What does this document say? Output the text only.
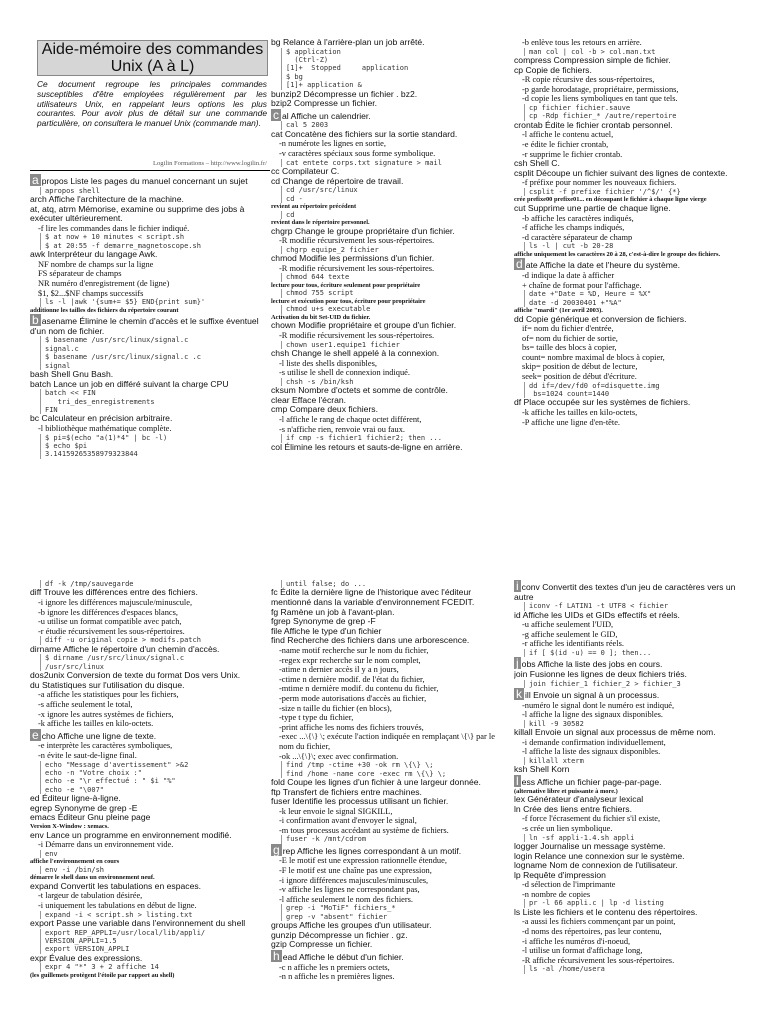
Aide-mémoire des commandes Unix (A à L)
Ce document regroupe les principales commandes susceptibles d'être employées régulièrement par les utilisateurs Unix, en rappelant leurs options les plus courantes. Pour avoir plus de détail sur une commande particulière, on consultera le manuel Unix (commande man).
Logilin Formations – http://www.logilin.fr/
a propos Liste les pages du manuel concernant un sujet
apropos shell
arch Affiche l'architecture de la machine.
at, atq, atrm Mémorise, examine ou supprime des jobs à exécuter ultérieurement.
-f lire les commandes dans le fichier indiqué.
$ at now + 10 minutes < script.sh
$ at 20:55 -f demarre_magnetoscope.sh
awk Interpréteur du langage Awk.
NF nombre de champs sur la ligne
FS séparateur de champs
NR numéro d'enregistrement (de ligne)
$1, $2...$NF champs successifs
ls -l |awk '{sum+= $5} END{print sum}'
additionne les tailles des fichiers du répertoire courant
b asename Élimine le chemin d'accès et le suffixe éventuel d'un nom de fichier.
$ basename /usr/src/linux/signal.c
signal.c
$ basename /usr/src/linux/signal.c .c
signal
bash Shell Gnu Bash.
batch Lance un job en différé suivant la charge CPU
batch << FIN
tri_des_enregistrements
FIN
bc Calculateur en précision arbitraire.
-l bibliothèque mathématique complète.
$ pi=$(echo "a(1)*4" | bc -l)
$ echo $pi
3.14159265358979323844
bg Relance à l'arrière-plan un job arrêté.
$ application
(Ctrl-Z)
[1]+  Stopped     application
$ bg
[1]+ application &
bunzip2 Décompresse un fichier . bz2.
bzip2 Compresse un fichier.
c al Affiche un calendrier.
cal 5 2003
cat Concatène des fichiers sur la sortie standard.
-n numérote les lignes en sortie,
-v caractères spéciaux sous forme symbolique.
cat entete corps.txt signature > mail
cc Compilateur C.
cd Change de répertoire de travail.
cd /usr/src/linux
cd -
revient au répertoire précédent
cd
revient dans le répertoire personnel.
chgrp Change le groupe propriétaire d'un fichier.
-R modifie récursivement les sous-répertoires.
chgrp equipe_2 fichier
chmod Modifie les permissions d'un fichier.
-R modifie récursivement les sous-répertoires.
chmod 644 texte
lecture pour tous, écriture seulement pour propriétaire
chmod 755 script
lecture et exécution pour tous, écriture pour propriétaire
chmod u+s executable
Activation du bit Set-UID du fichier.
chown Modifie propriétaire et groupe d'un fichier.
-R modifie récursivement les sous-répertoires.
chown user1.equipe1 fichier
chsh Change le shell appelé à la connexion.
-l liste des shells disponibles,
-s utilise le shell de connexion indiqué.
chsh -s /bin/ksh
cksum Nombre d'octets et somme de contrôle.
clear Efface l'écran.
cmp Compare deux fichiers.
-l affiche le rang de chaque octet différent,
-s n'affiche rien, renvoie vrai ou faux.
if cmp -s fichier1 fichier2; then ...
col Élimine les retours et sauts-de-ligne en arrière.
-b enlève tous les retours en arrière.
man col | col -b > col.man.txt
compress Compression simple de fichier.
cp Copie de fichiers.
-R copie récursive des sous-répertoires,
-p garde horodatage, propriétaire, permissions,
-d copie les liens symboliques en tant que tels.
cp fichier fichier.sauve
cp -Rdp fichier_* /autre/repertoire
crontab Édite le fichier crontab personnel.
-l affiche le contenu actuel,
-e édite le fichier crontab,
-r supprime le fichier crontab.
csh Shell C.
csplit Découpe un fichier suivant des lignes de contexte.
-f préfixe pour nommer les nouveaux fichiers.
csplit -f prefixe fichier '/^$/' {*}
crée prefixe00 prefixe01... en découpant le fichier à chaque ligne vierge
cut Supprime une partie de chaque ligne.
-b affiche les caractères indiqués,
-f affiche les champs indiqués,
-d caractère séparateur de champ
ls -l | cut -b 20-28
affiche uniquement les caractères 20 à 28, c'est-à-dire le groupe des fichiers.
d ate Affiche la date et l'heure du système.
-d indique la date à afficher
+ chaîne de format pour l'affichage.
date +"Date = %D, Heure = %X"
date -d 20030401 +"%A"
affiche "mardi" (1er avril 2003).
dd Copie générique et conversion de fichiers.
if= nom du fichier d'entrée,
of= nom du fichier de sortie,
bs= taille des blocs à copier,
count= nombre maximal de blocs à copier,
skip= position de début de lecture,
seek= position de début d'écriture.
dd if=/dev/fd0 of=disquette.img
bs=1024 count=1440
df Place occupée sur les systèmes de fichiers.
-k affiche les tailles en kilo-octets,
-P affiche une ligne d'en-tête.
df -k /tmp/sauvegarde
diff Trouve les différences entre des fichiers.
-i ignore les différences majuscule/minuscule,
-b ignore les différences d'espaces blancs,
-u utilise un format compatible avec patch,
-r étudie récursivement les sous-répertoires.
diff -u original copie > modifs.patch
dirname Affiche le répertoire d'un chemin d'accès.
$ dirname /usr/src/linux/signal.c
/usr/src/linux
dos2unix Conversion de texte du format Dos vers Unix.
du Statistiques sur l'utilisation du disque.
-a affiche les statistiques pour les fichiers,
-s affiche seulement le total,
-x ignore les autres systèmes de fichiers,
-k affiche les tailles en kilo-octets.
e cho Affiche une ligne de texte.
-e interprète les caractères symboliques,
-n évite le saut-de-ligne final.
echo "Message d'avertissement" >&2
echo -n "Votre choix :"
echo -e "\r effectué : " $i "%"
echo -e "\007"
ed Éditeur ligne-à-ligne.
egrep Synonyme de grep -E
emacs Éditeur Gnu pleine page
Version X-Window : xemacs.
env Lance un programme en environnement modifié.
-i Démarre dans un environnement vide.
env
affiche l'environnement en cours
env -i /bin/sh
démarre le shell dans un environnement neuf.
expand Convertit les tabulations en espaces.
-t largeur de tabulation désirée,
-i uniquement les tabulations en début de ligne.
expand -i < script.sh > listing.txt
export Passe une variable dans l'environnement du shell
export REP_APPLI=/usr/local/lib/appli/
VERSION_APPLI=1.5
export VERSION_APPLI
expr Évalue des expressions.
expr 4 "*" 3 + 2 affiche 14
(les guillemets protègent l'étoile par rapport au shell)
until false; do ...
fc Édite la dernière ligne de l'historique avec l'éditeur mentionné dans la variable d'environnement FCEDIT.
fg Ramène un job à l'avant-plan.
fgrep Synonyme de grep -F
file Affiche le type d'un fichier
find Recherche des fichiers dans une arborescence.
-name motif recherche sur le nom du fichier,
-regex expr recherche sur le nom complet,
-atime n dernier accès il y a n jours,
-ctime n dernière modif. de l'état du fichier,
-mtime n dernière modif. du contenu du fichier,
-perm mode autorisations d'accès au fichier,
-size n taille du fichier (en blocs),
-type t type du fichier,
-print affiche les noms des fichiers trouvés,
-exec ...\{\} \; exécute l'action indiquée en remplaçant \{\} par le nom du fichier,
-ok ...\{\}\; exec avec confirmation.
find /tmp -ctime +30 -ok rm \{\} \;
find /home -name core -exec rm \{\} \;
fold Coupe les lignes d'un fichier à une largeur donnée.
ftp Transfert de fichiers entre machines.
fuser Identifie les processus utilisant un fichier.
-k leur envoie le signal SIGKILL,
-i confirmation avant d'envoyer le signal,
-m tous processus accédant au système de fichiers.
fuser -k /mnt/cdrom
g rep Affiche les lignes correspondant à un motif.
-E le motif est une expression rationnelle étendue,
-F le motif est une chaîne pas une expression,
-i ignore différences majuscules/minuscules,
-v affiche les lignes ne correspondant pas,
-l affiche seulement le nom des fichiers.
grep -i "MoTiF" fichiers_*
grep -v "absent" fichier
groups Affiche les groupes d'un utilisateur.
gunzip Décompresse un fichier . gz.
gzip Compresse un fichier.
h ead Affiche le début d'un fichier.
-c n affiche les n premiers octets,
-n n affiche les n premières lignes.
i conv Convertit des textes d'un jeu de caractères vers un autre
iconv -f LATIN1 -t UTF8 < fichier
id Affiche les UIDs et GIDs effectifs et réels.
-u affiche seulement l'UID,
-g affiche seulement le GID,
-r affiche les identifiants réels.
if [ $(id -u) == 0 ]; then...
j obs Affiche la liste des jobs en cours.
join Fusionne les lignes de deux fichiers triés.
join fichier_1 fichier_2 > fichier_3
k ill Envoie un signal à un processus.
-numéro le signal dont le numéro est indiqué,
-l affiche la ligne des signaux disponibles.
kill -9 30582
killall Envoie un signal aux processus de même nom.
-i demande confirmation individuellement,
-l affiche la liste des signaux disponibles.
killall xterm
ksh Shell Korn
l ess Affiche un fichier page-par-page.
(alternative libre et puissante à more.)
lex Générateur d'analyseur lexical
ln Crée des liens entre fichiers.
-f force l'écrasement du fichier s'il existe,
-s crée un lien symbolique.
ln -sf appli-1.4.sh appli
logger Journalise un message système.
login Relance une connexion sur le système.
logname Nom de connexion de l'utilisateur.
lp Requête d'impression
-d sélection de l'imprimante
-n nombre de copies
pr -l 66 appli.c | lp -d listing
ls Liste les fichiers et le contenu des répertoires.
-a aussi les fichiers commençant par un point,
-d noms des répertoires, pas leur contenu,
-i affiche les numéros d'i-noeud,
-l utilise un format d'affichage long,
-R affiche récursivement les sous-répertoires.
ls -al /home/usera
